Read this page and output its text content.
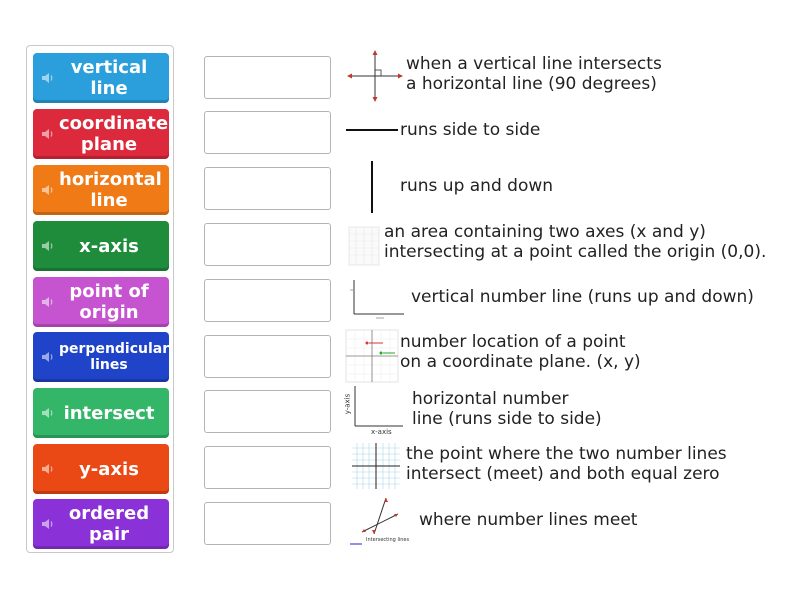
vertical line
coordinate plane
horizontal line
x-axis
point of origin
perpendicular lines
intersect
y-axis
ordered pair
when a vertical line intersects
a horizontal line (90 degrees)
runs side to side
runs up and down
an area containing two axes (x and y)
intersecting at a point called the origin (0,0).
vertical number line (runs up and down)
number location of a point
on a coordinate plane. (x, y)
y-axis
x-axis
horizontal number
line (runs side to side)
the point where the two number lines
intersect (meet) and both equal zero
Intersecting lines
where number lines meet
